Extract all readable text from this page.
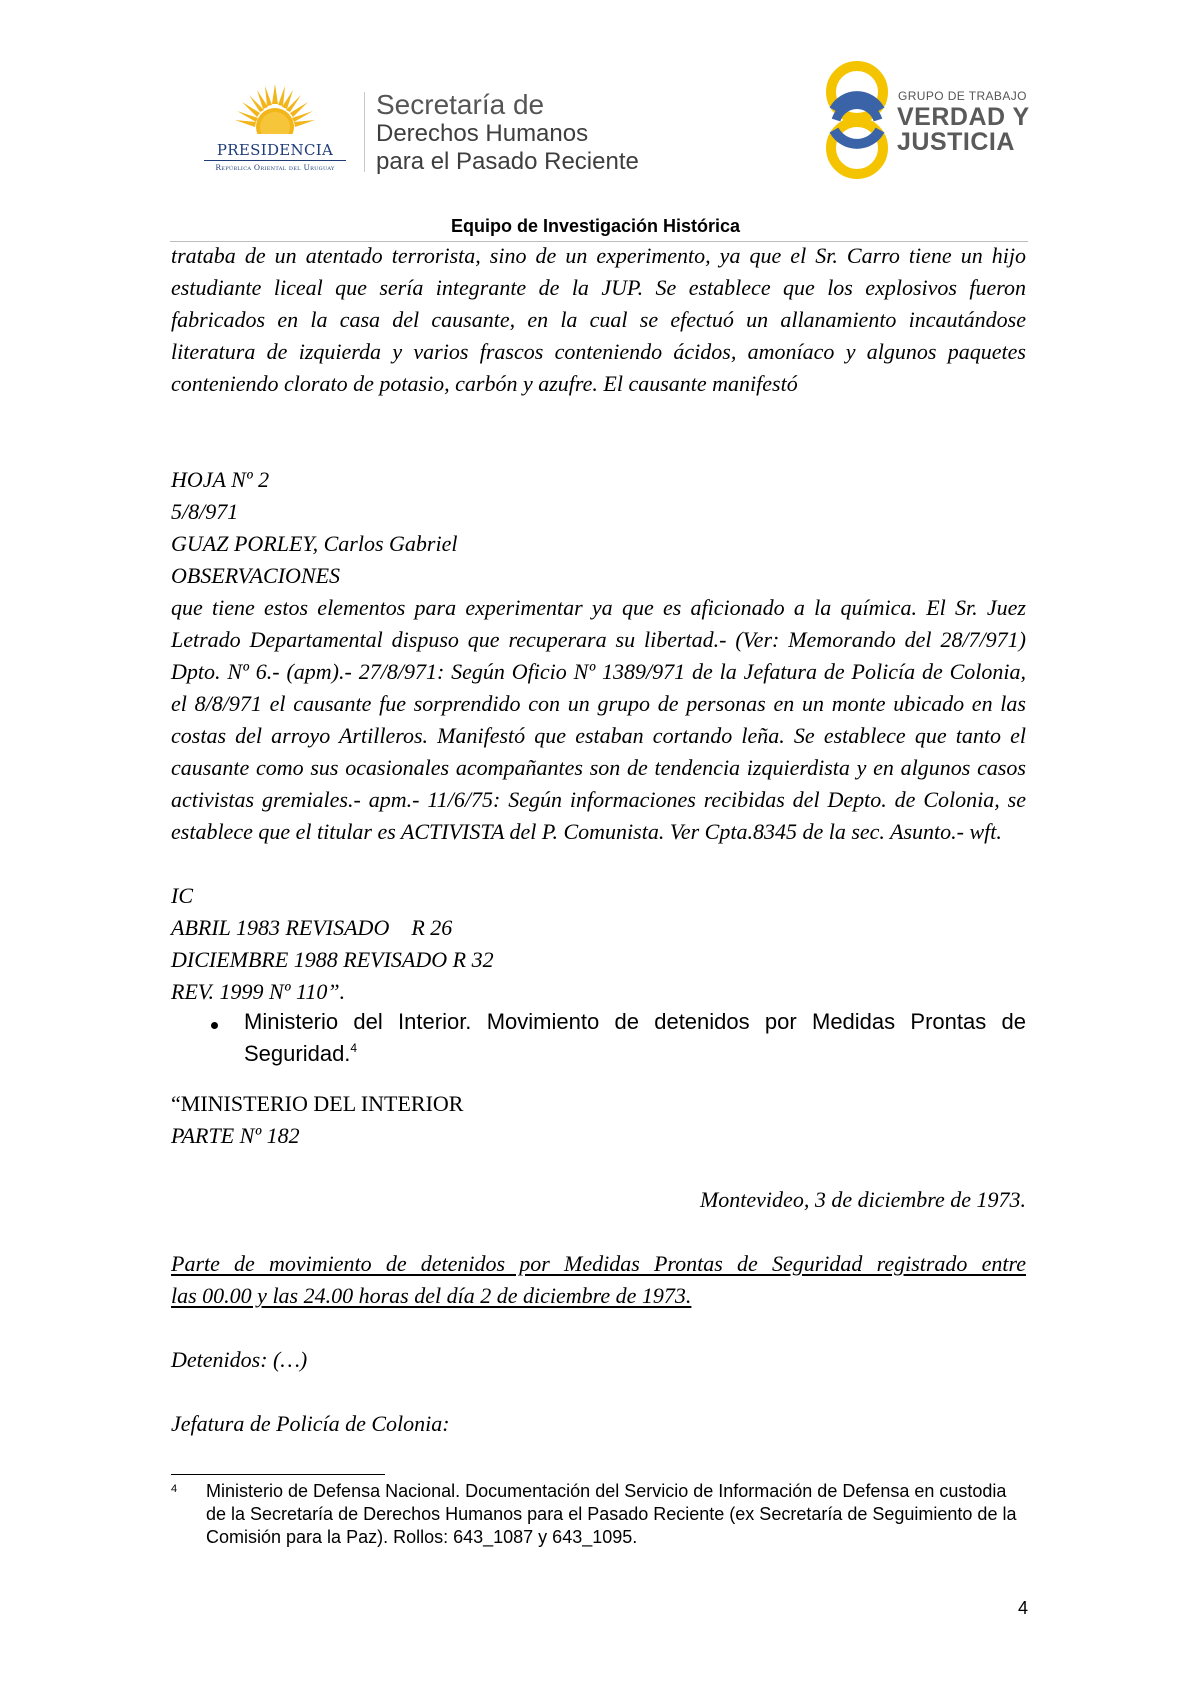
PRESIDENCIA
República Oriental del Uruguay
Secretaría de
Derechos Humanos
para el Pasado Reciente
GRUPO DE TRABAJO
VERDAD Y
JUSTICIA
Equipo de Investigación Histórica
trataba de un atentado terrorista, sino de un experimento, ya que el Sr. Carro tiene un hijo estudiante liceal que sería integrante de la JUP. Se establece que los explosivos fueron fabricados en la casa del causante, en la cual se efectuó un allanamiento incautándose literatura de izquierda y varios frascos conteniendo ácidos, amoníaco y algunos paquetes conteniendo clorato de potasio, carbón y azufre. El causante manifestó
HOJA Nº 2
5/8/971
GUAZ PORLEY, Carlos Gabriel
OBSERVACIONES
que tiene estos elementos para experimentar ya que es aficionado a la química. El Sr. Juez Letrado Departamental dispuso que recuperara su libertad.- (Ver: Memorando del 28/7/971) Dpto. Nº 6.- (apm).- 27/8/971: Según Oficio Nº 1389/971 de la Jefatura de Policía de Colonia, el 8/8/971 el causante fue sorprendido con un grupo de personas en un monte ubicado en las costas del arroyo Artilleros. Manifestó que estaban cortando leña. Se establece que tanto el causante como sus ocasionales acompañantes son de tendencia izquierdista y en algunos casos activistas gremiales.- apm.- 11/6/75: Según informaciones recibidas del Depto. de Colonia, se establece que el titular es ACTIVISTA del P. Comunista. Ver Cpta.8345 de la sec. Asunto.- wft.
IC
ABRIL 1983 REVISADO    R 26
DICIEMBRE 1988 REVISADO R 32
REV. 1999 Nº 110”.
Ministerio del Interior. Movimiento de detenidos por Medidas Prontas de Seguridad.$^4$
“MINISTERIO DEL INTERIOR
PARTE Nº 182
Montevideo, 3 de diciembre de 1973.
Parte de movimiento de detenidos por Medidas Prontas de Seguridad registrado entre
las 00.00 y las 24.00 horas del día 2 de diciembre de 1973.
Detenidos: (…)
Jefatura de Policía de Colonia:
4 Ministerio de Defensa Nacional. Documentación del Servicio de Información de Defensa en custodia de la Secretaría de Derechos Humanos para el Pasado Reciente (ex Secretaría de Seguimiento de la Comisión para la Paz). Rollos: 643_1087 y 643_1095.
4
